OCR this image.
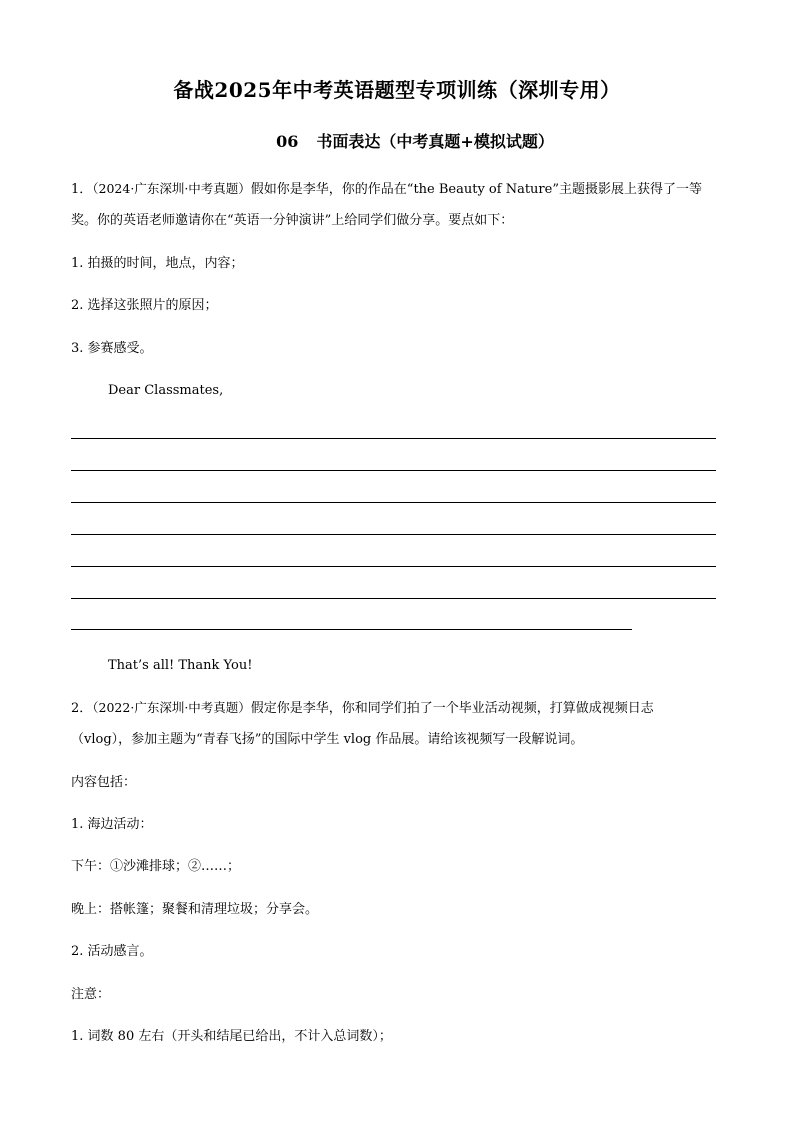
备战2025年中考英语题型专项训练（深圳专用）
06 书面表达（中考真题+模拟试题）
1．（2024·广东深圳·中考真题）假如你是李华，你的作品在“the Beauty of Nature”主题摄影展上获得了一等
奖。你的英语老师邀请你在“英语一分钟演讲”上给同学们做分享。要点如下：
1. 拍摄的时间，地点，内容；
2. 选择这张照片的原因；
3. 参赛感受。
Dear Classmates,
That’s all! Thank You!
2．（2022·广东深圳·中考真题）假定你是李华，你和同学们拍了一个毕业活动视频，打算做成视频日志
（vlog），参加主题为“青春飞扬”的国际中学生 vlog 作品展。请给该视频写一段解说词。
内容包括：
1. 海边活动：
下午：①沙滩排球；②……；
晚上：搭帐篷；聚餐和清理垃圾；分享会。
2. 活动感言。
注意：
1. 词数 80 左右（开头和结尾已给出，不计入总词数）；
